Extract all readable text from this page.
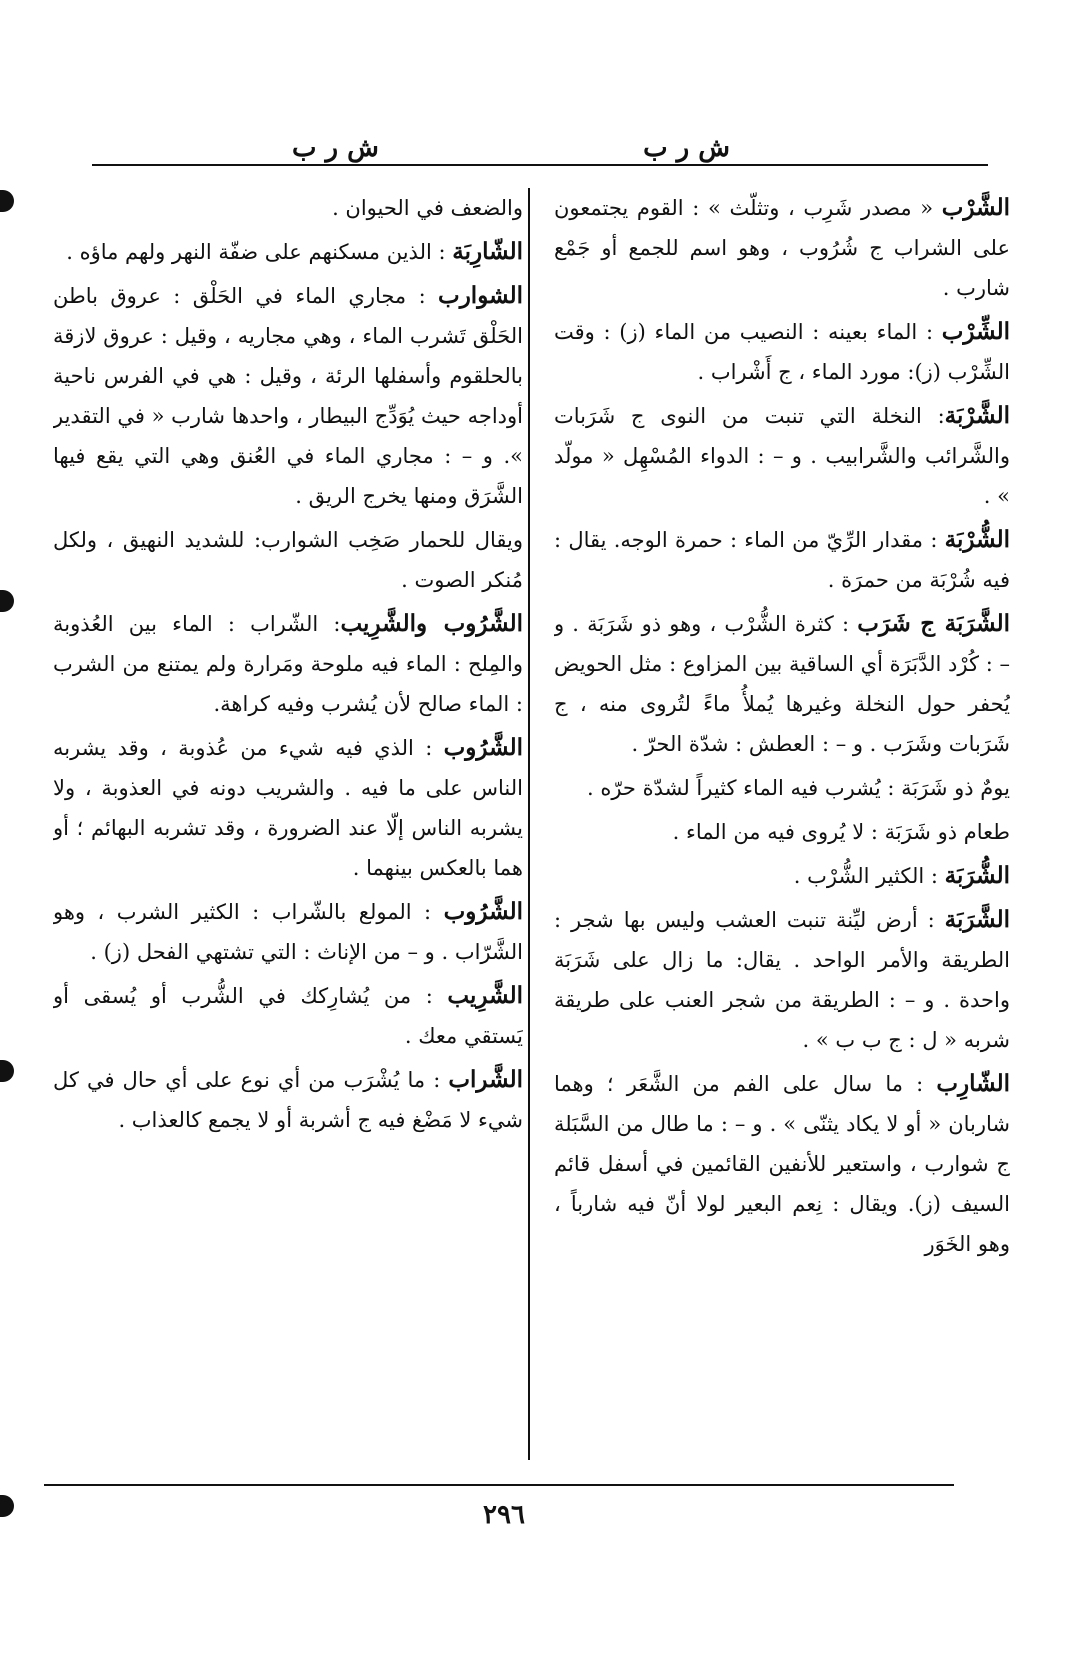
ش ر ب
ش ر ب

الشَّرْب « مصدر شَرِب ، وتثلّث » : القوم يجتمعون على الشراب ج شُرُوب ، وهو اسم للجمع أو جَمْع شارب .

الشِّرْب : الماء بعينه : النصيب من الماء (ز) : وقت الشِّرْب (ز): مورد الماء ، ج أَشْراب .

الشَّرْبَة: النخلة التي تنبت من النوى ج شَرَبات والشَّرائب والشَّرابيب . و – : الدواء المُسْهِل « مولّد » .

الشُّرْبَة : مقدار الرِّيّ من الماء : حمرة الوجه. يقال : فيه شُرْبَة من حمرَة .

الشَّرَبَة ج شَرَب : كثرة الشُّرْب ، وهو ذو شَرَبَة . و – : كُرْد الدَّبَرَة أي الساقية بين المزاوع : مثل الحويض يُحفر حول النخلة وغيرها يُملأُ ماءً لتُروى منه ، ج شَرَبات وشَرَب . و – : العطش : شدّة الحرّ .

يومٌ ذو شَرَبَة : يُشرب فيه الماء كثيراً لشدّة حرّه .

طعام ذو شَرَبَة : لا يُروى فيه من الماء .

الشُّرَبَة : الكثير الشُّرْب .

الشَّرَبَة : أرض ليِّنة تنبت العشب وليس بها شجر : الطريقة والأمر الواحد . يقال: ما زال على شَرَبَة واحدة . و – : الطريقة من شجر العنب على طريقة شربه « ل : ج ب ب » .

الشّارِب : ما سال على الفم من الشَّعَر ؛ وهما شاربان « أو لا يكاد يثنّى » . و – : ما طال من السَّبَلة ج شوارب ، واستعير للأنفين القائمين في أسفل قائم السيف (ز). ويقال : نِعم البعير لولا أنّ فيه شارباً ، وهو الخَوَر

والضعف في الحيوان .

الشّارِبَة : الذين مسكنهم على ضفّة النهر ولهم ماؤه .

الشوارب : مجاري الماء في الحَلْق : عروق باطن الحَلْق تَشرب الماء ، وهي مجاريه ، وقيل : عروق لازقة بالحلقوم وأسفلها الرئة ، وقيل : هي في الفرس ناحية أوداجه حيث يُوَدِّج البيطار ، واحدها شارب « في التقدير ». و – : مجاري الماء في العُنق وهي التي يقع فيها الشَّرَق ومنها يخرج الريق .

ويقال للحمار صَخِب الشوارب: للشديد النهيق ، ولكل مُنكر الصوت .

الشَّرُوب والشَّرِيب: الشّراب : الماء بين العُذوبة والمِلح : الماء فيه ملوحة ومَرارة ولم يمتنع من الشرب : الماء صالح لأن يُشرب وفيه كراهة.

الشَّرُوب : الذي فيه شيء من عُذوبة ، وقد يشربه الناس على ما فيه . والشريب دونه في العذوبة ، ولا يشربه الناس إلّا عند الضرورة ، وقد تشربه البهائم ؛ أو هما بالعكس بينهما .

الشَّرُوب : المولع بالشّراب : الكثير الشرب ، وهو الشَّرّاب . و – من الإناث : التي تشتهي الفحل (ز) .

الشَّرِيب : من يُشارِكك في الشُّرب أو يُسقى أو يَستقي معك .

الشَّراب : ما يُشْرَب من أي نوع على أي حال في كل شيء لا مَضْغ فيه ج أشربة أو لا يجمع كالعذاب .

٢٩٦
